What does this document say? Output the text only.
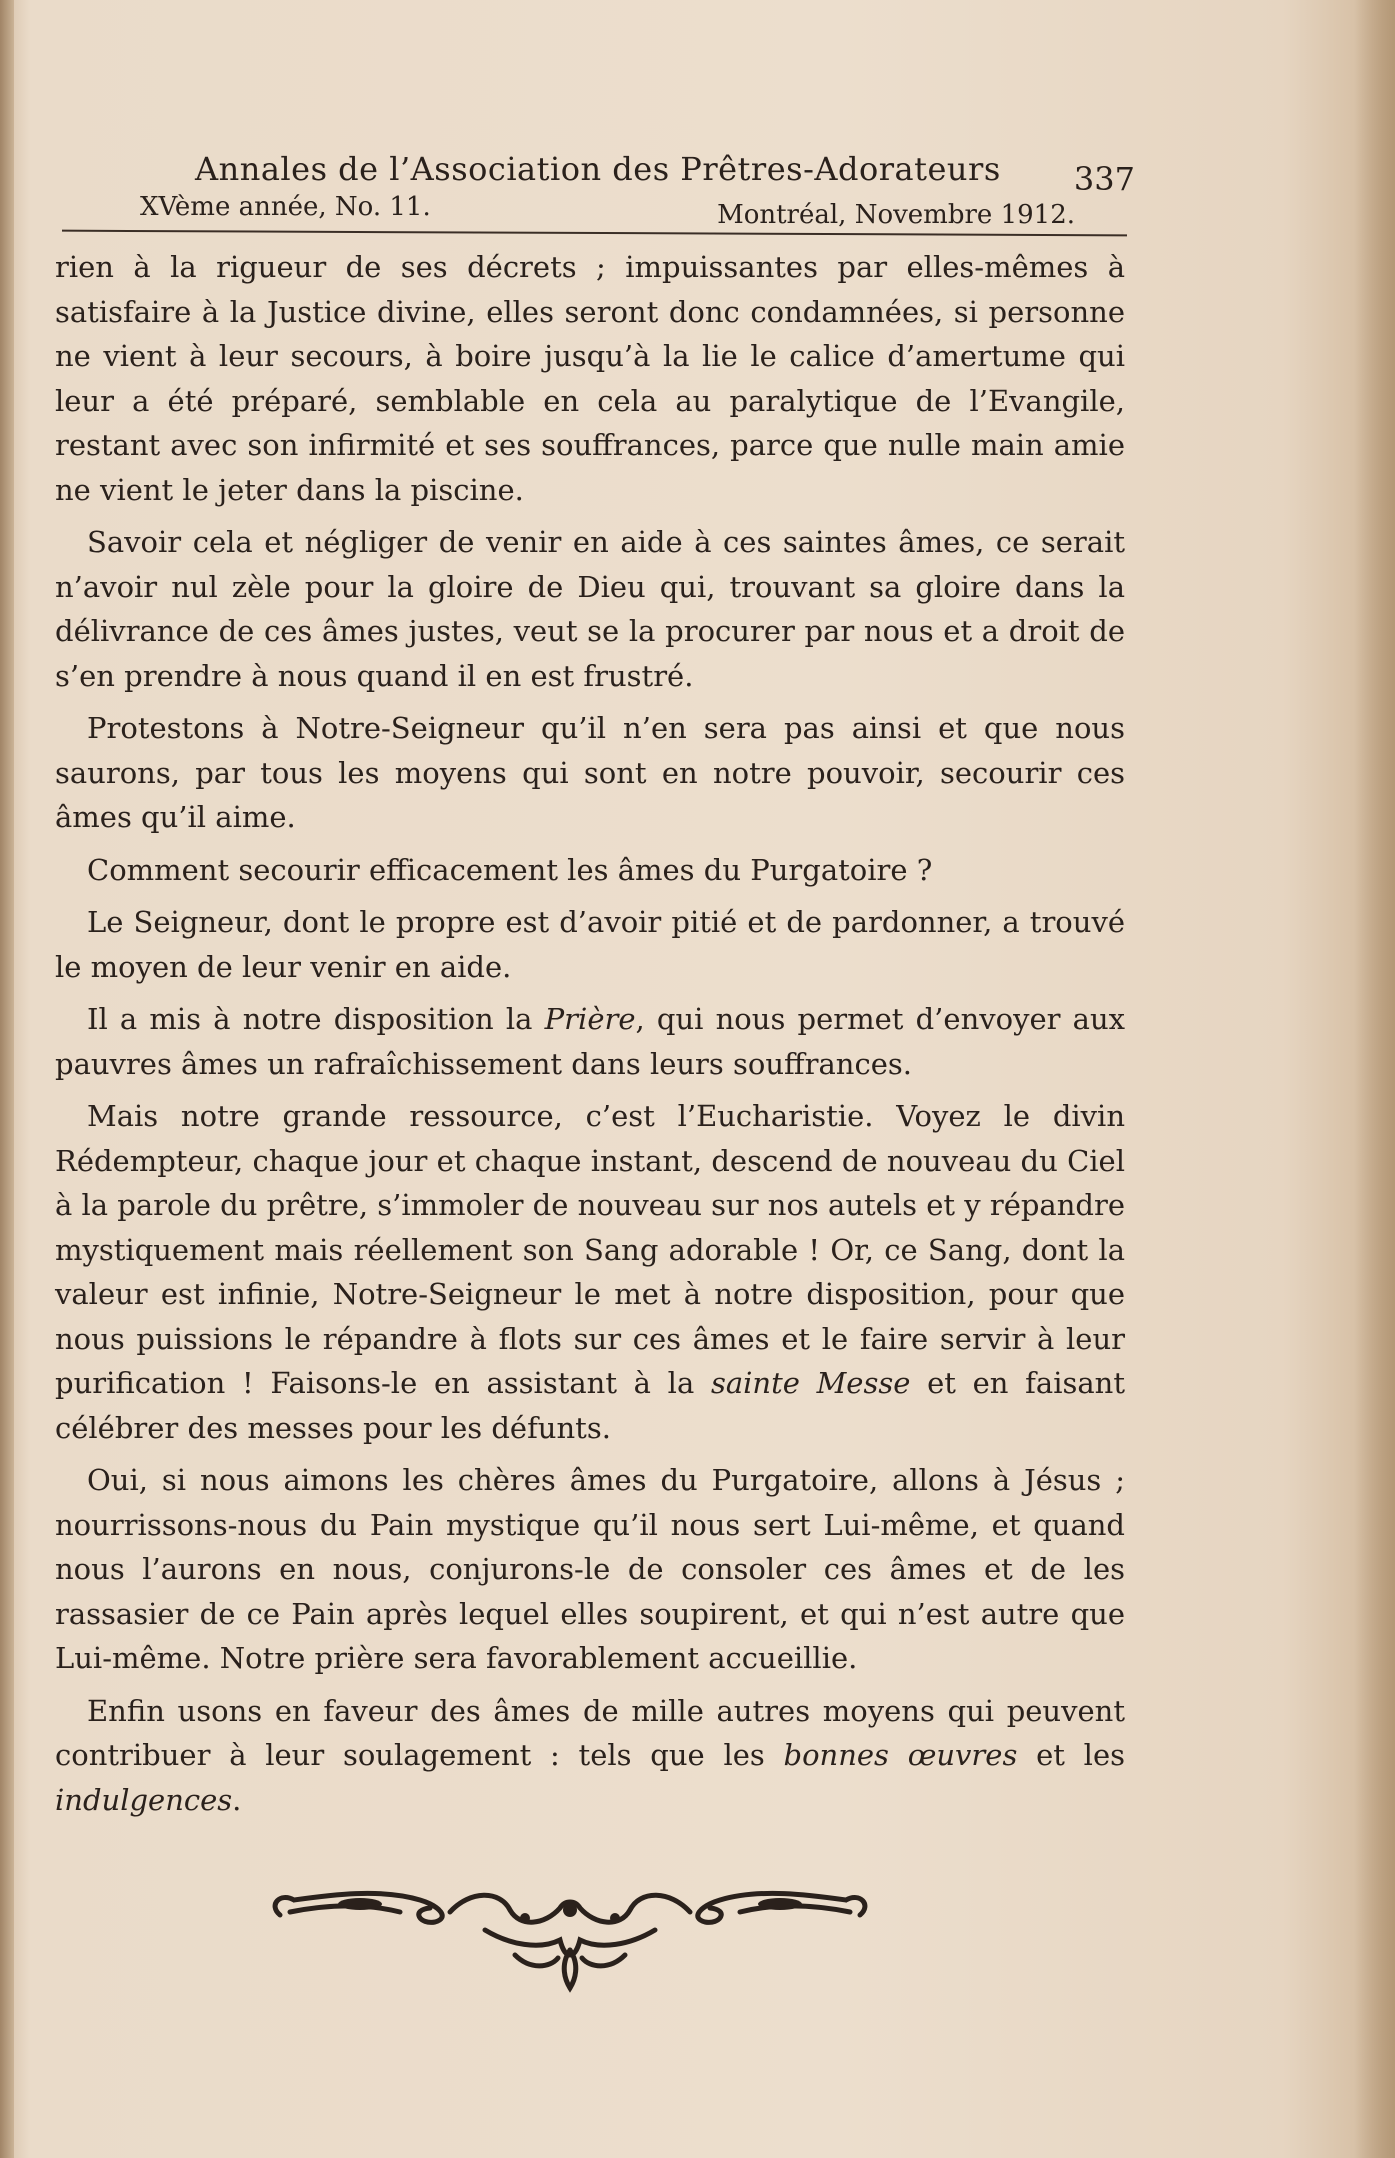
Annales de l’Association des Prêtres-Adorateurs 337
XVème année, No. 11.	Montréal, Novembre 1912.

rien à la rigueur de ses décrets ; impuissantes par elles-mêmes à satisfaire à la Justice divine, elles seront donc condamnées, si personne ne vient à leur secours, à boire jusqu’à la lie le calice d’amertume qui leur a été préparé, semblable en cela au paralytique de l’Evangile, restant avec son infirmité et ses souffrances, parce que nulle main amie ne vient le jeter dans la piscine.

Savoir cela et négliger de venir en aide à ces saintes âmes, ce serait n’avoir nul zèle pour la gloire de Dieu qui, trouvant sa gloire dans la délivrance de ces âmes justes, veut se la procurer par nous et a droit de s’en prendre à nous quand il en est frustré.

Protestons à Notre-Seigneur qu’il n’en sera pas ainsi et que nous saurons, par tous les moyens qui sont en notre pouvoir, secourir ces âmes qu’il aime.

Comment secourir efficacement les âmes du Purgatoire ?

Le Seigneur, dont le propre est d’avoir pitié et de pardonner, a trouvé le moyen de leur venir en aide.

Il a mis à notre disposition la Prière, qui nous permet d’envoyer aux pauvres âmes un rafraîchissement dans leurs souffrances.

Mais notre grande ressource, c’est l’Eucharistie. Voyez le divin Rédempteur, chaque jour et chaque instant, descend de nouveau du Ciel à la parole du prêtre, s’immoler de nouveau sur nos autels et y répandre mystiquement mais réellement son Sang adorable ! Or, ce Sang, dont la valeur est infinie, Notre-Seigneur le met à notre disposition, pour que nous puissions le répandre à flots sur ces âmes et le faire servir à leur purification ! Faisons-le en assistant à la sainte Messe et en faisant célébrer des messes pour les défunts.

Oui, si nous aimons les chères âmes du Purgatoire, allons à Jésus ; nourrissons-nous du Pain mystique qu’il nous sert Lui-même, et quand nous l’aurons en nous, conjurons-le de consoler ces âmes et de les rassasier de ce Pain après lequel elles soupirent, et qui n’est autre que Lui-même. Notre prière sera favorablement accueillie.

Enfin usons en faveur des âmes de mille autres moyens qui peuvent contribuer à leur soulagement : tels que les bonnes œuvres et les indulgences.
